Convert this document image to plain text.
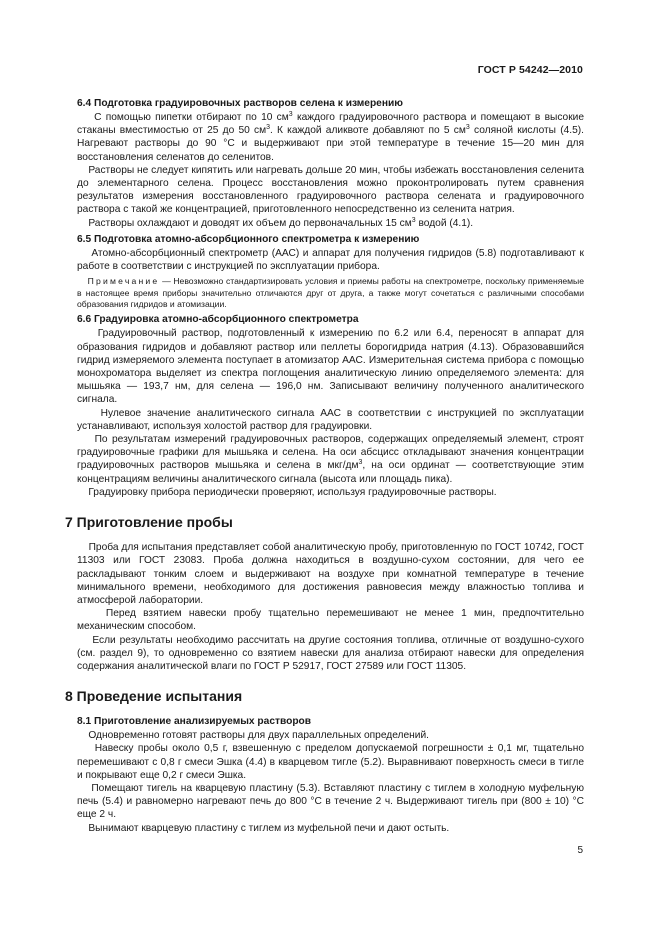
ГОСТ Р 54242—2010
6.4 Подготовка градуировочных растворов селена к измерению

С помощью пипетки отбирают по 10 $см^3$ каждого градуировочного раствора и помещают в высокие стаканы вместимостью от 25 до 50 $см^3$. К каждой аликвоте добавляют по 5 $см^3$ соляной кислоты (4.5). Нагревают растворы до 90 °С и выдерживают при этой температуре в течение 15—20 мин для восстановления селенатов до селенитов.

Растворы не следует кипятить или нагревать дольше 20 мин, чтобы избежать восстановления селенита до элементарного селена. Процесс восстановления можно проконтролировать путем сравнения результатов измерения восстановленного градуировочного раствора селената и градуировочного раствора с такой же концентрацией, приготовленного непосредственно из селенита натрия.

Растворы охлаждают и доводят их объем до первоначальных 15 $см^3$ водой (4.1).

6.5 Подготовка атомно-абсорбционного спектрометра к измерению

Атомно-абсорбционный спектрометр (ААС) и аппарат для получения гидридов (5.8) подготавливают к работе в соответствии с инструкцией по эксплуатации прибора.

Примечание — Невозможно стандартизировать условия и приемы работы на спектрометре, поскольку применяемые в настоящее время приборы значительно отличаются друг от друга, а также могут сочетаться с различными способами образования гидридов и атомизации.

6.6 Градуировка атомно-абсорбционного спектрометра

Градуировочный раствор, подготовленный к измерению по 6.2 или 6.4, переносят в аппарат для образования гидридов и добавляют раствор или пеллеты борогидрида натрия (4.13). Образовавшийся гидрид измеряемого элемента поступает в атомизатор ААС. Измерительная система прибора с помощью монохроматора выделяет из спектра поглощения аналитическую линию определяемого элемента: для мышьяка — 193,7 нм, для селена — 196,0 нм. Записывают величину полученного аналитического сигнала.

Нулевое значение аналитического сигнала ААС в соответствии с инструкцией по эксплуатации устанавливают, используя холостой раствор для градуировки.

По результатам измерений градуировочных растворов, содержащих определяемый элемент, строят градуировочные графики для мышьяка и селена. На оси абсцисс откладывают значения концентрации градуировочных растворов мышьяка и селена в мкг/$дм^3$, на оси ординат — соответствующие этим концентрациям величины аналитического сигнала (высота или площадь пика).

Градуировку прибора периодически проверяют, используя градуировочные растворы.

7 Приготовление пробы

Проба для испытания представляет собой аналитическую пробу, приготовленную по ГОСТ 10742, ГОСТ 11303 или ГОСТ 23083. Проба должна находиться в воздушно-сухом состоянии, для чего ее раскладывают тонким слоем и выдерживают на воздухе при комнатной температуре в течение минимального времени, необходимого для достижения равновесия между влажностью топлива и атмосферой лаборатории.

Перед взятием навески пробу тщательно перемешивают не менее 1 мин, предпочтительно механическим способом.

Если результаты необходимо рассчитать на другие состояния топлива, отличные от воздушно-сухого (см. раздел 9), то одновременно со взятием навески для анализа отбирают навески для определения содержания аналитической влаги по ГОСТ Р 52917, ГОСТ 27589 или ГОСТ 11305.

8 Проведение испытания
8.1 Приготовление анализируемых растворов

Одновременно готовят растворы для двух параллельных определений.

Навеску пробы около 0,5 г, взвешенную с пределом допускаемой погрешности ± 0,1 мг, тщательно перемешивают с 0,8 г смеси Эшка (4.4) в кварцевом тигле (5.2). Выравнивают поверхность смеси в тигле и покрывают еще 0,2 г смеси Эшка.

Помещают тигель на кварцевую пластину (5.3). Вставляют пластину с тиглем в холодную муфельную печь (5.4) и равномерно нагревают печь до 800 °С в течение 2 ч. Выдерживают тигель при (800 ± 10) °С еще 2 ч.

Вынимают кварцевую пластину с тиглем из муфельной печи и дают остыть.

5
